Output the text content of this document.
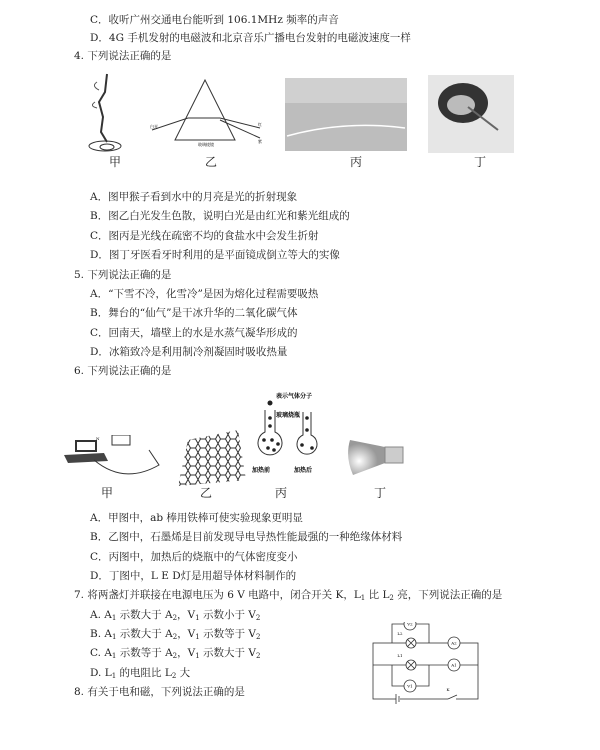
C．收听广州交通电台能听到 106.1MHz 频率的声音
D．4G 手机发射的电磁波和北京音乐广播电台发射的电磁波速度一样
4. 下列说法正确的是
白光	红
紫
玻璃棱镜
甲	乙	丙	丁
A．图甲猴子看到水中的月亮是光的折射现象
B．图乙白光发生色散，说明白光是由红光和紫光组成的
C．图丙是光线在疏密不均的食盐水中会发生折射
D．图丁牙医看牙时利用的是平面镜成倒立等大的实像
5. 下列说法正确的是
A．“下雪不冷，化雪冷”是因为熔化过程需要吸热
B．舞台的“仙气”是干冰升华的二氧化碳气体
C．回南天，墙壁上的水是水蒸气凝华形成的
D．冰箱致冷是利用制冷剂凝固时吸收热量
6. 下列说法正确的是
N
表示气体分子
玻璃烧瓶
加热前	加热后
甲	乙	丙	丁
A．甲图中，ab 棒用铁棒可使实验现象更明显
B．乙图中，石墨烯是目前发现导电导热性能最强的一种绝缘体材料
C．丙图中，加热后的烧瓶中的气体密度变小
D．丁图中，L E D灯是用超导体材料制作的
7. 将两盏灯并联接在电源电压为 6 V 电路中，闭合开关 K，$L_1$ 比 $L_2$ 亮，下列说法正确的是
A. $A_1$ 示数大于 $A_2$，$V_1$ 示数小于 $V_2$
B. $A_1$ 示数大于 $A_2$，$V_1$ 示数等于 $V_2$
C. $A_1$ 示数等于 $A_2$，$V_1$ 示数大于 $V_2$
D. $L_1$ 的电阻比 $L_2$ 大
8. 有关于电和磁，下列说法正确的是
V2
V1
A2
A1
L2
L1
K
